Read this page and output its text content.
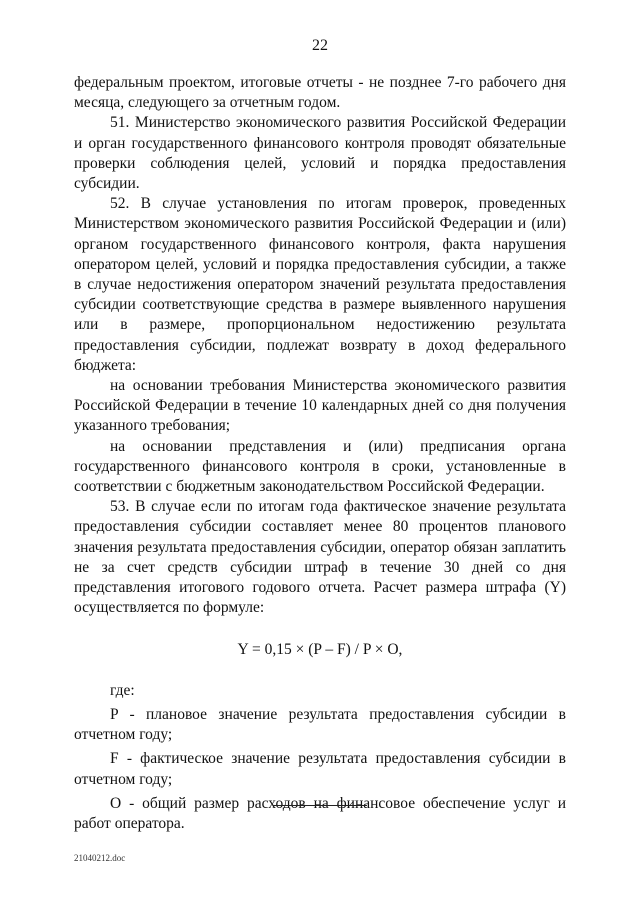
22

федеральным проектом, итоговые отчеты - не позднее 7-го рабочего дня месяца, следующего за отчетным годом.

51. Министерство экономического развития Российской Федерации и орган государственного финансового контроля проводят обязательные проверки соблюдения целей, условий и порядка предоставления субсидии.

52. В случае установления по итогам проверок, проведенных Министерством экономического развития Российской Федерации и (или) органом государственного финансового контроля, факта нарушения оператором целей, условий и порядка предоставления субсидии, а также в случае недостижения оператором значений результата предоставления субсидии соответствующие средства в размере выявленного нарушения или в размере, пропорциональном недостижению результата предоставления субсидии, подлежат возврату в доход федерального бюджета:

на основании требования Министерства экономического развития Российской Федерации в течение 10 календарных дней со дня получения указанного требования;

на основании представления и (или) предписания органа государственного финансового контроля в сроки, установленные в соответствии с бюджетным законодательством Российской Федерации.

53. В случае если по итогам года фактическое значение результата предоставления субсидии составляет менее 80 процентов планового значения результата предоставления субсидии, оператор обязан заплатить не за счет средств субсидии штраф в течение 30 дней со дня представления итогового годового отчета. Расчет размера штрафа (Y) осуществляется по формуле:

Y = 0,15 × (P – F) / P × O,

где:

P - плановое значение результата предоставления субсидии в отчетном году;

F - фактическое значение результата предоставления субсидии в отчетном году;

O - общий размер расходов на финансовое обеспечение услуг и работ оператора.

21040212.doc
